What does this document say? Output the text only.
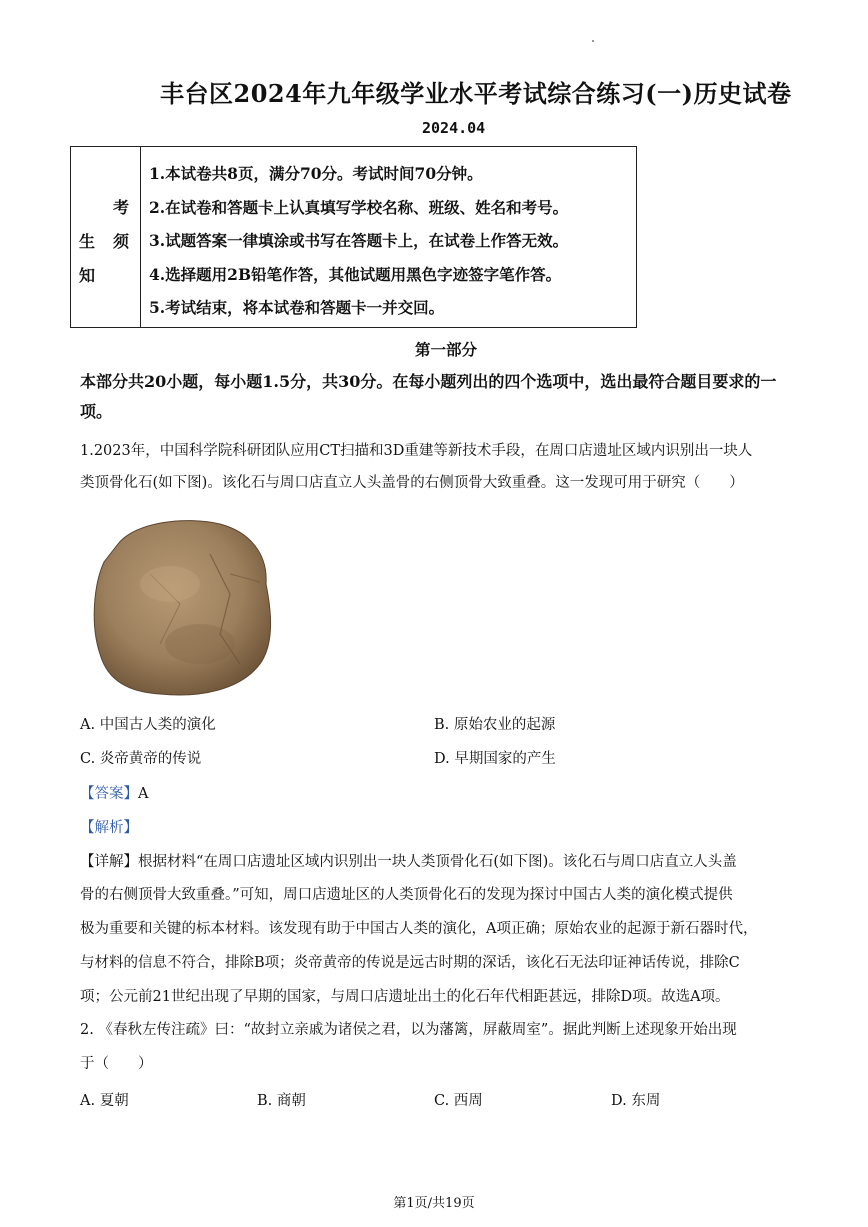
丰台区2024年九年级学业水平考试综合练习(一)历史试卷
2024.04
考
生 须
知
1.本试卷共8页，满分70分。考试时间70分钟。
2.在试卷和答题卡上认真填写学校名称、班级、姓名和考号。
3.试题答案一律填涂或书写在答题卡上，在试卷上作答无效。
4.选择题用2B铅笔作答，其他试题用黑色字迹签字笔作答。
5.考试结束，将本试卷和答题卡一并交回。
第一部分
本部分共20小题，每小题1.5分，共30分。在每小题列出的四个选项中，选出最符合题目要求的一项。
1.2023年，中国科学院科研团队应用CT扫描和3D重建等新技术手段，在周口店遗址区域内识别出一块人
类顶骨化石(如下图)。该化石与周口店直立人头盖骨的右侧顶骨大致重叠。这一发现可用于研究（　　）
A. 中国古人类的演化	B. 原始农业的起源
C. 炎帝黄帝的传说	D. 早期国家的产生
【答案】A
【解析】
【详解】根据材料“在周口店遗址区域内识别出一块人类顶骨化石(如下图)。该化石与周口店直立人头盖
骨的右侧顶骨大致重叠。”可知，周口店遗址区的人类顶骨化石的发现为探讨中国古人类的演化模式提供
极为重要和关键的标本材料。该发现有助于中国古人类的演化，A项正确；原始农业的起源于新石器时代，
与材料的信息不符合，排除B项；炎帝黄帝的传说是远古时期的深话，该化石无法印证神话传说，排除C
项；公元前21世纪出现了早期的国家，与周口店遗址出土的化石年代相距甚远，排除D项。故选A项。
2. 《春秋左传注疏》曰：“故封立亲戚为诸侯之君，以为藩篱，屏蔽周室”。据此判断上述现象开始出现
于（　　）
A. 夏朝	B. 商朝	C. 西周	D. 东周
第1页/共19页
